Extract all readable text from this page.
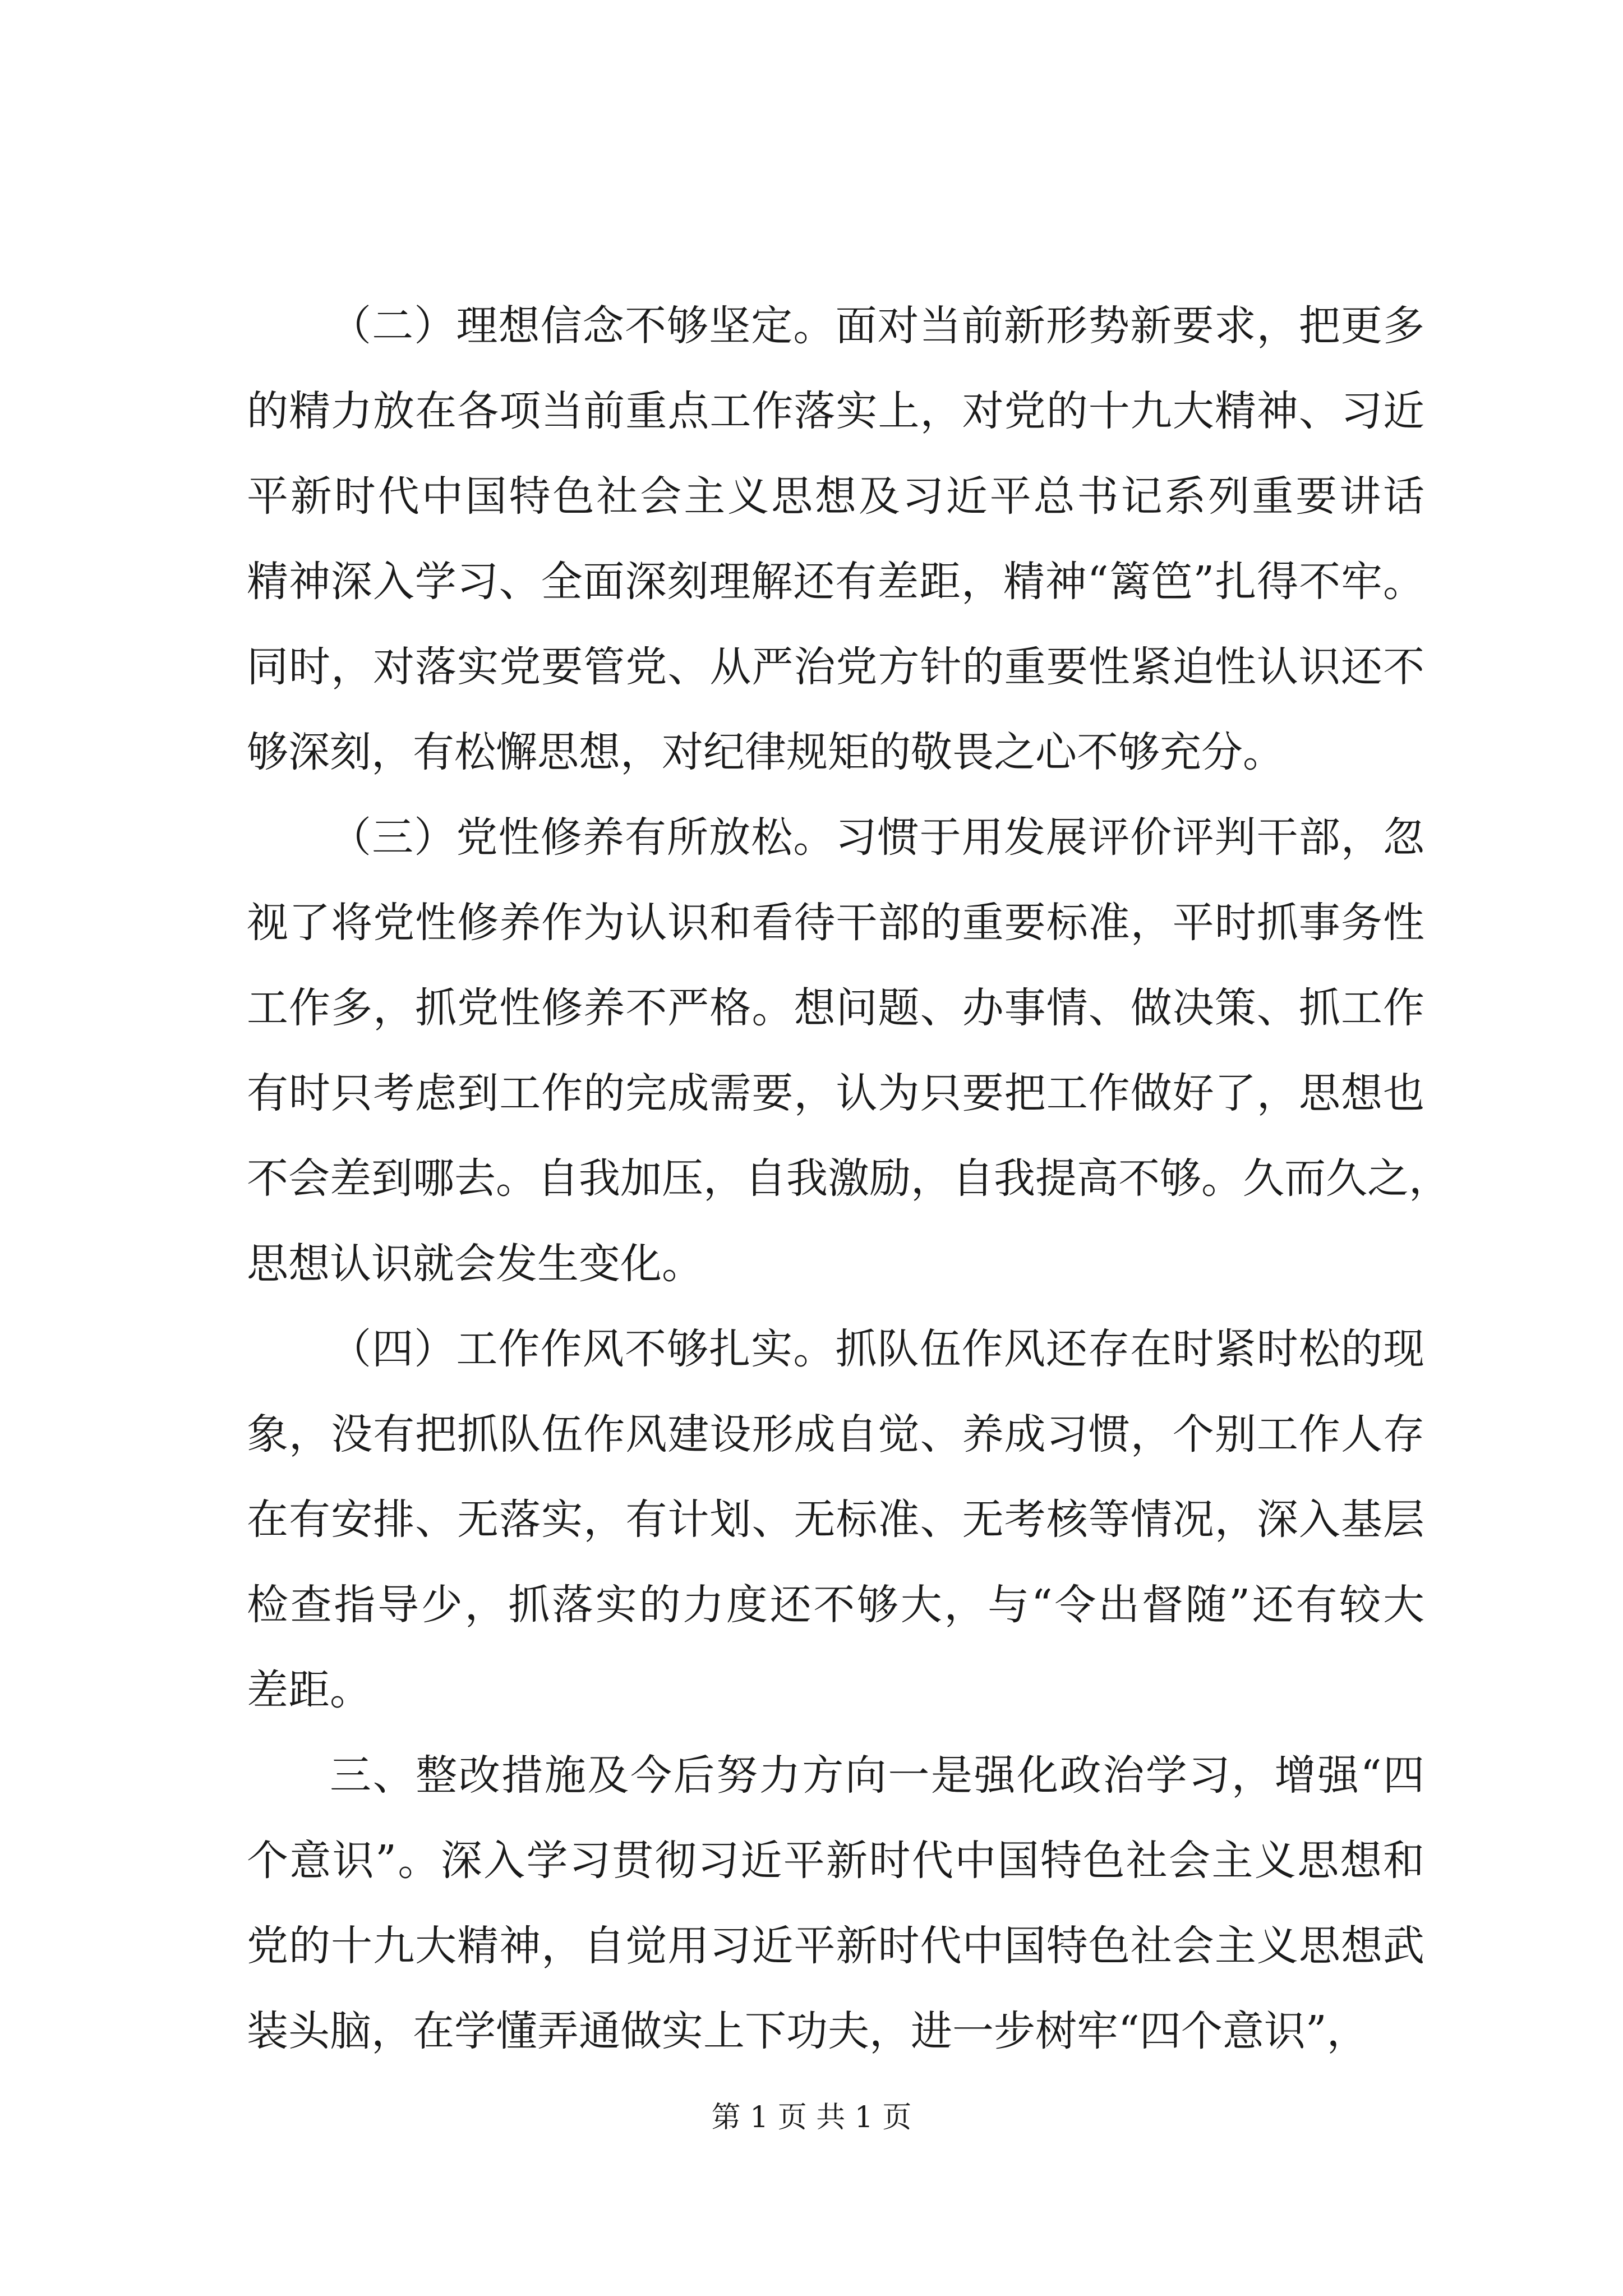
（二）理想信念不够坚定。面对当前新形势新要求，把更多
的精力放在各项当前重点工作落实上，对党的十九大精神、习近
平新时代中国特色社会主义思想及习近平总书记系列重要讲话
精神深入学习、全面深刻理解还有差距，精神“篱笆”扎得不牢。
同时，对落实党要管党、从严治党方针的重要性紧迫性认识还不
够深刻，有松懈思想，对纪律规矩的敬畏之心不够充分。
（三）党性修养有所放松。习惯于用发展评价评判干部，忽
视了将党性修养作为认识和看待干部的重要标准，平时抓事务性
工作多，抓党性修养不严格。想问题、办事情、做决策、抓工作
有时只考虑到工作的完成需要，认为只要把工作做好了，思想也
不会差到哪去。自我加压，自我激励，自我提高不够。久而久之，
思想认识就会发生变化。
（四）工作作风不够扎实。抓队伍作风还存在时紧时松的现
象，没有把抓队伍作风建设形成自觉、养成习惯，个别工作人存
在有安排、无落实，有计划、无标准、无考核等情况，深入基层
检查指导少，抓落实的力度还不够大，与“令出督随”还有较大
差距。
三、整改措施及今后努力方向一是强化政治学习，增强“四
个意识”。深入学习贯彻习近平新时代中国特色社会主义思想和
党的十九大精神，自觉用习近平新时代中国特色社会主义思想武
装头脑，在学懂弄通做实上下功夫，进一步树牢“四个意识”，
第 1 页 共 1 页
